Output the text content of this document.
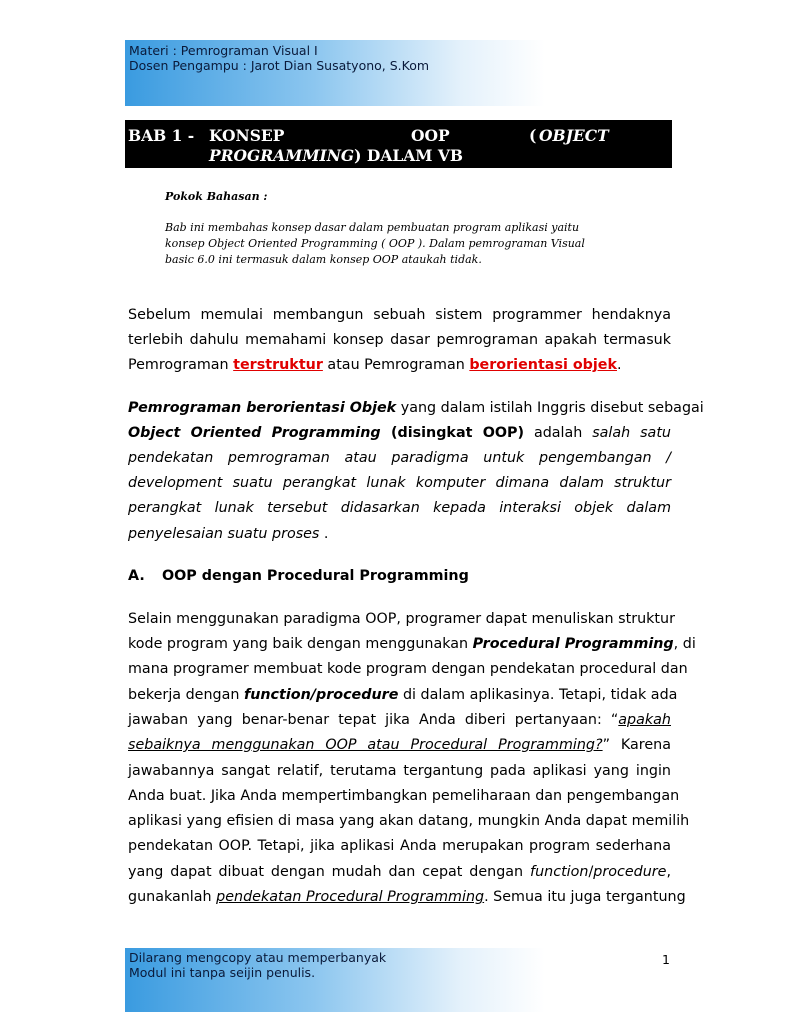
Materi : Pemrograman Visual I
Dosen Pengampu : Jarot Dian Susatyono, S.Kom
BAB 1 - KONSEP	OOP	( OBJECT	ORIENTED
PROGRAMMING) DALAM VB
Pokok Bahasan :
Bab ini membahas konsep dasar dalam pembuatan program aplikasi yaitu
konsep Object Oriented Programming ( OOP ). Dalam pemrograman Visual
basic 6.0 ini termasuk dalam konsep OOP ataukah tidak.
Sebelum memulai membangun sebuah sistem programmer hendaknya
terlebih dahulu memahami konsep dasar pemrograman apakah termasuk
Pemrograman terstruktur atau Pemrograman berorientasi objek.
Pemrograman berorientasi Objek yang dalam istilah Inggris disebut sebagai
Object Oriented Programming (disingkat OOP) adalah salah satu
pendekatan pemrograman atau paradigma untuk pengembangan /
development suatu perangkat lunak komputer dimana dalam struktur
perangkat lunak tersebut didasarkan kepada interaksi objek dalam
penyelesaian suatu proses .
A. OOP dengan Procedural Programming
Selain menggunakan paradigma OOP, programer dapat menuliskan struktur
kode program yang baik dengan menggunakan Procedural Programming, di
mana programer membuat kode program dengan pendekatan procedural dan
bekerja dengan function/procedure di dalam aplikasinya. Tetapi, tidak ada
jawaban yang benar-benar tepat jika Anda diberi pertanyaan: “apakah
sebaiknya menggunakan OOP atau Procedural Programming?” Karena
jawabannya sangat relatif, terutama tergantung pada aplikasi yang ingin
Anda buat. Jika Anda mempertimbangkan pemeliharaan dan pengembangan
aplikasi yang efisien di masa yang akan datang, mungkin Anda dapat memilih
pendekatan OOP. Tetapi, jika aplikasi Anda merupakan program sederhana
yang dapat dibuat dengan mudah dan cepat dengan function/procedure,
gunakanlah pendekatan Procedural Programming. Semua itu juga tergantung
Dilarang mengcopy atau memperbanyak
Modul ini tanpa seijin penulis.
1
